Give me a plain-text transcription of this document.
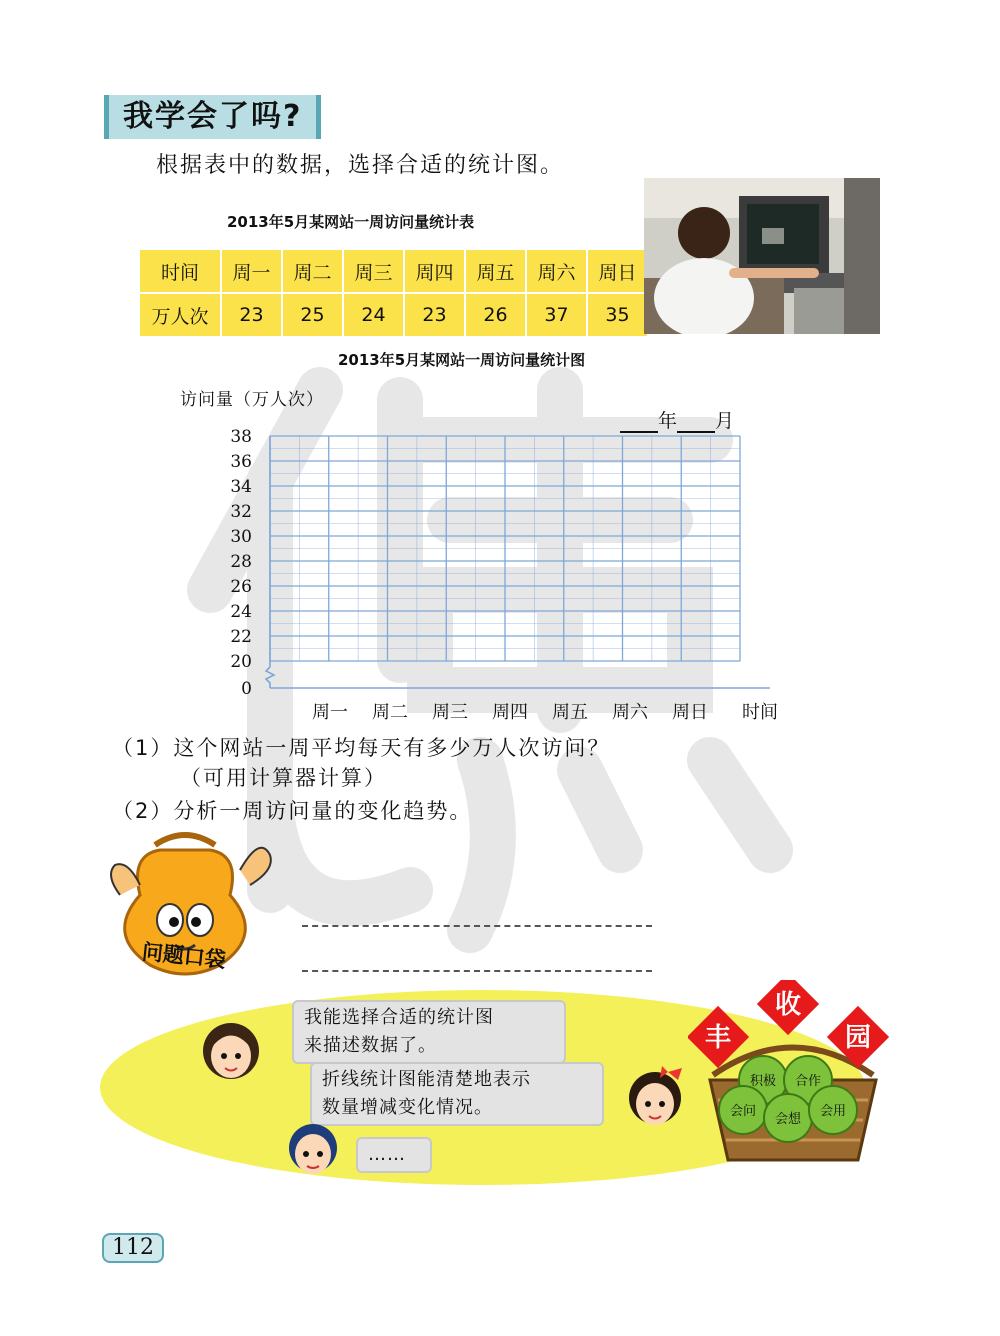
我学会了吗?
根据表中的数据，选择合适的统计图。
2013年5月某网站一周访问量统计表
时间	周一	周二	周三	周四	周五	周六	周日
万人次	23	25	24	23	26	37	35
2013年5月某网站一周访问量统计图
访问量（万人次）
年 月
0
20
22
24
26
28
30
32
34
36
38
周一 周二 周三 周四 周五 周六 周日 时间
（1）这个网站一周平均每天有多少万人次访问？
（可用计算器计算）
（2）分析一周访问量的变化趋势。
问题口袋
我能选择合适的统计图
来描述数据了。
折线统计图能清楚地表示
数量增减变化情况。
……
积极 合作
会问
会想
会用
丰
收
园
112
